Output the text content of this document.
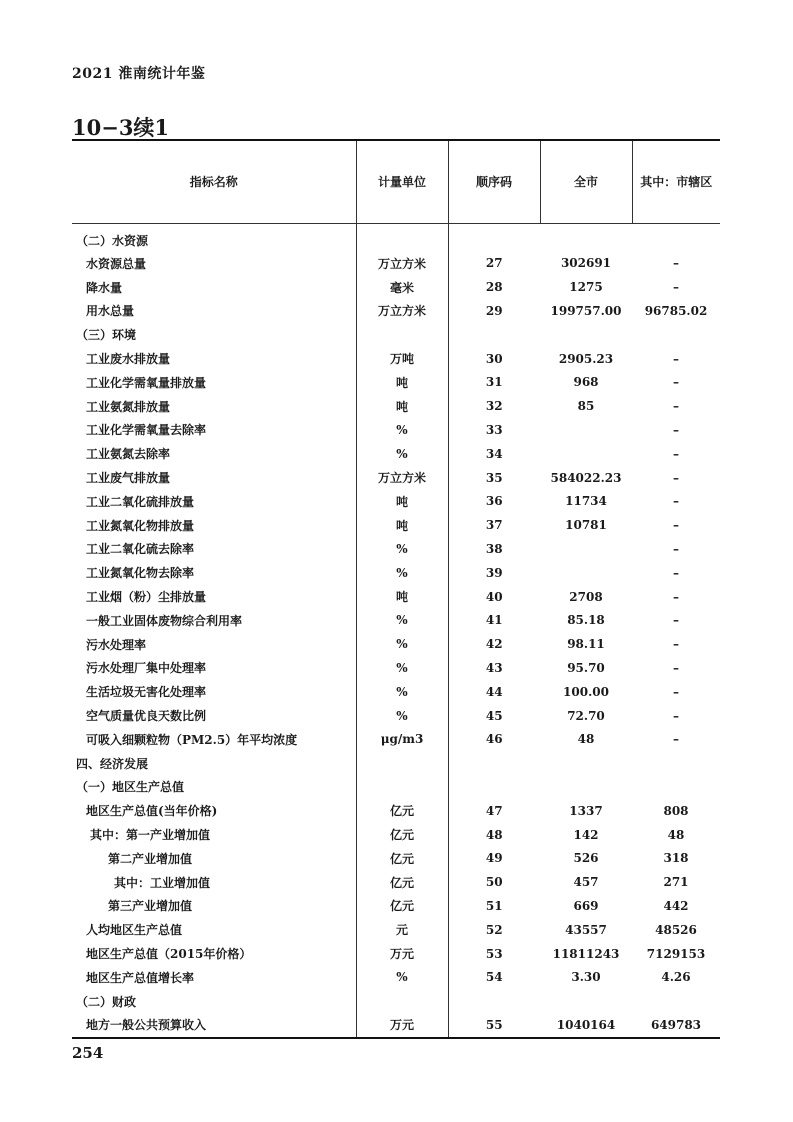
2021 淮南统计年鉴
10−3续1
指标名称	计量单位	顺序码	全市	其中：市辖区
（二）水资源				
水资源总量	万立方米	27	302691	–
降水量	毫米	28	1275	–
用水总量	万立方米	29	199757.00	96785.02
（三）环境				
工业废水排放量	万吨	30	2905.23	–
工业化学需氧量排放量	吨	31	968	–
工业氨氮排放量	吨	32	85	–
工业化学需氧量去除率	%	33		–
工业氨氮去除率	%	34		–
工业废气排放量	万立方米	35	584022.23	–
工业二氧化硫排放量	吨	36	11734	–
工业氮氧化物排放量	吨	37	10781	–
工业二氧化硫去除率	%	38		–
工业氮氧化物去除率	%	39		–
工业烟（粉）尘排放量	吨	40	2708	–
一般工业固体废物综合利用率	%	41	85.18	–
污水处理率	%	42	98.11	–
污水处理厂集中处理率	%	43	95.70	–
生活垃圾无害化处理率	%	44	100.00	–
空气质量优良天数比例	%	45	72.70	–
可吸入细颗粒物（PM2.5）年平均浓度	μg/m3	46	48	–
四、经济发展				
（一）地区生产总值				
地区生产总值(当年价格)	亿元	47	1337	808
其中：第一产业增加值	亿元	48	142	48
第二产业增加值	亿元	49	526	318
其中：工业增加值	亿元	50	457	271
第三产业增加值	亿元	51	669	442
人均地区生产总值	元	52	43557	48526
地区生产总值（2015年价格）	万元	53	11811243	7129153
地区生产总值增长率	%	54	3.30	4.26
（二）财政				
地方一般公共预算收入	万元	55	1040164	649783
254
